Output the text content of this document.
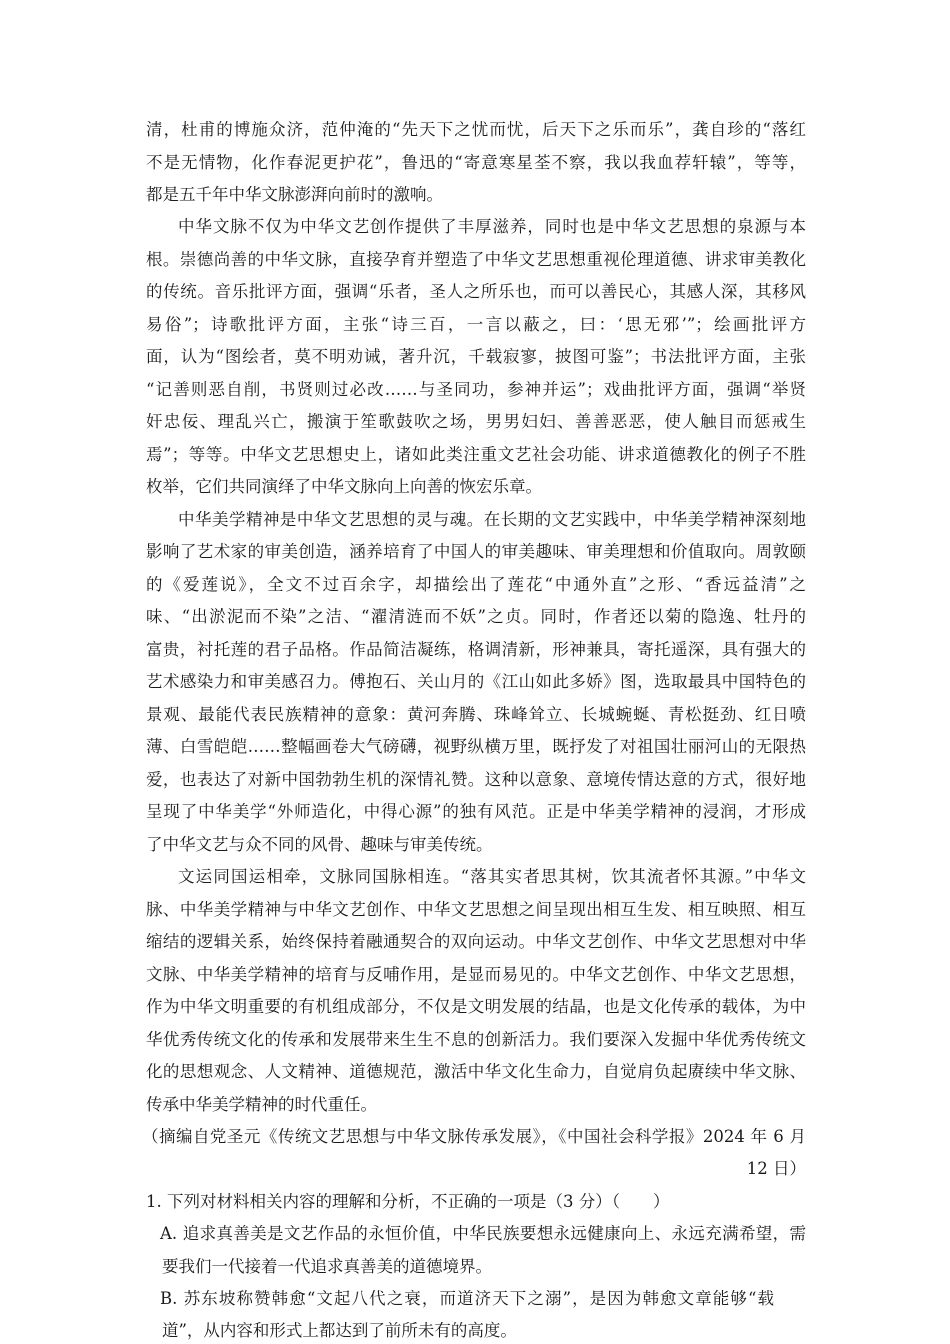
清，杜甫的博施众济，范仲淹的“先天下之忧而忧，后天下之乐而乐”，龚自珍的“落红
不是无情物，化作春泥更护花”，鲁迅的“寄意寒星荃不察，我以我血荐轩辕”，等等，
都是五千年中华文脉澎湃向前时的激响。
中华文脉不仅为中华文艺创作提供了丰厚滋养，同时也是中华文艺思想的泉源与本
根。崇德尚善的中华文脉，直接孕育并塑造了中华文艺思想重视伦理道德、讲求审美教化
的传统。音乐批评方面，强调“乐者，圣人之所乐也，而可以善民心，其感人深，其移风
易俗”；诗歌批评方面，主张“诗三百，一言以蔽之，曰：‘思无邪’”；绘画批评方
面，认为“图绘者，莫不明劝诫，著升沉，千载寂寥，披图可鉴”；书法批评方面，主张
“记善则恶自削，书贤则过必改……与圣同功，参神并运”；戏曲批评方面，强调“举贤
奸忠佞、理乱兴亡，搬演于笙歌鼓吹之场，男男妇妇、善善恶恶，使人触目而惩戒生
焉”；等等。中华文艺思想史上，诸如此类注重文艺社会功能、讲求道德教化的例子不胜
枚举，它们共同演绎了中华文脉向上向善的恢宏乐章。
中华美学精神是中华文艺思想的灵与魂。在长期的文艺实践中，中华美学精神深刻地
影响了艺术家的审美创造，涵养培育了中国人的审美趣味、审美理想和价值取向。周敦颐
的《爱莲说》，全文不过百余字，却描绘出了莲花“中通外直”之形、“香远益清”之
味、“出淤泥而不染”之洁、“濯清涟而不妖”之贞。同时，作者还以菊的隐逸、牡丹的
富贵，衬托莲的君子品格。作品简洁凝练，格调清新，形神兼具，寄托遥深，具有强大的
艺术感染力和审美感召力。傅抱石、关山月的《江山如此多娇》图，选取最具中国特色的
景观、最能代表民族精神的意象：黄河奔腾、珠峰耸立、长城蜿蜒、青松挺劲、红日喷
薄、白雪皑皑……整幅画卷大气磅礴，视野纵横万里，既抒发了对祖国壮丽河山的无限热
爱，也表达了对新中国勃勃生机的深情礼赞。这种以意象、意境传情达意的方式，很好地
呈现了中华美学“外师造化，中得心源”的独有风范。正是中华美学精神的浸润，才形成
了中华文艺与众不同的风骨、趣味与审美传统。
文运同国运相牵，文脉同国脉相连。“落其实者思其树，饮其流者怀其源。”中华文
脉、中华美学精神与中华文艺创作、中华文艺思想之间呈现出相互生发、相互映照、相互
缩结的逻辑关系，始终保持着融通契合的双向运动。中华文艺创作、中华文艺思想对中华
文脉、中华美学精神的培育与反哺作用，是显而易见的。中华文艺创作、中华文艺思想，
作为中华文明重要的有机组成部分，不仅是文明发展的结晶，也是文化传承的载体，为中
华优秀传统文化的传承和发展带来生生不息的创新活力。我们要深入发掘中华优秀传统文
化的思想观念、人文精神、道德规范，激活中华文化生命力，自觉肩负起赓续中华文脉、
传承中华美学精神的时代重任。
（摘编自党圣元《传统文艺思想与中华文脉传承发展》，《中国社会科学报》2024 年 6 月
12 日）
1. 下列对材料相关内容的理解和分析，不正确的一项是（3 分）（　　）
A. 追求真善美是文艺作品的永恒价值，中华民族要想永远健康向上、永远充满希望，需
要我们一代接着一代追求真善美的道德境界。
B. 苏东坡称赞韩愈“文起八代之衰，而道济天下之溺”，是因为韩愈文章能够“载
道”，从内容和形式上都达到了前所未有的高度。
